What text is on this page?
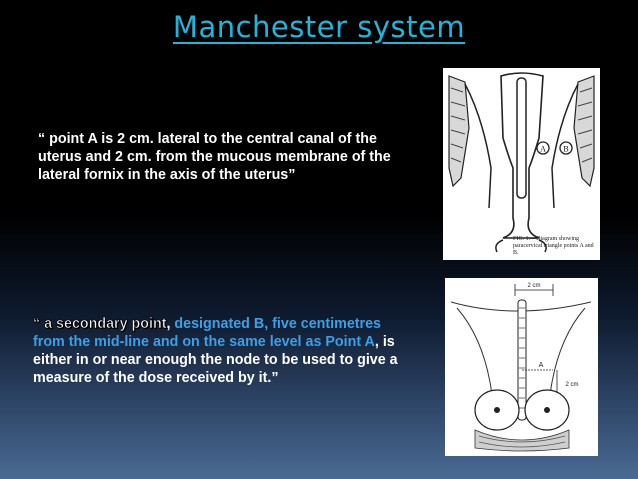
Manchester system
“ point A is 2 cm. lateral to the central canal of the uterus and 2 cm. from the mucous membrane of the lateral fornix in the axis of the uterus”
“ a secondary point, designated B, five centimetres from the mid-line and on the same level as Point A, is either in or near enough the node to be used to give a measure of the dose received by it.”
A B
FIG. 1.—Diagram showing paracervical triangle points A and B.
2 cm
A
2 cm
